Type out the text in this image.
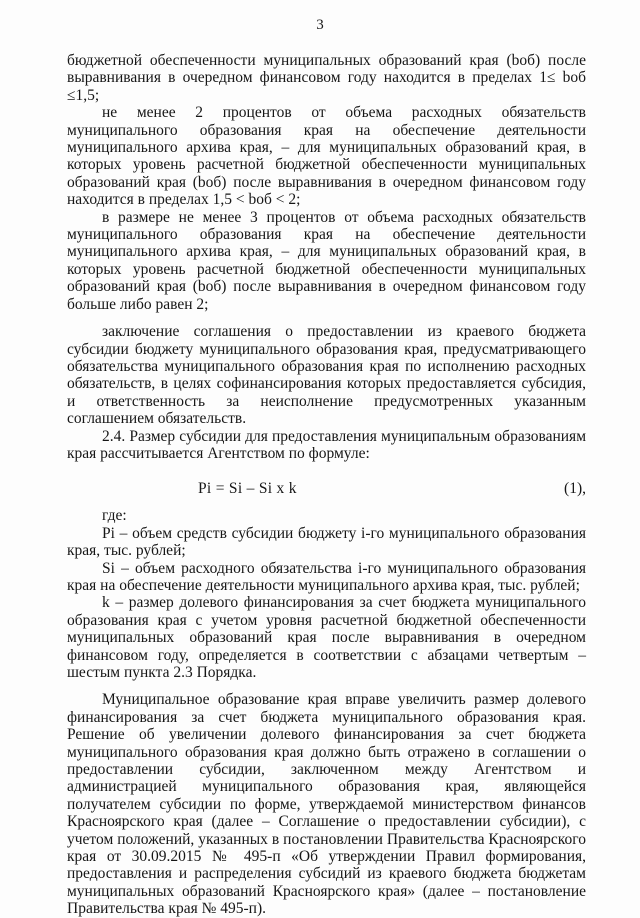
3

бюджетной обеспеченности муниципальных образований края (bоб) после выравнивания в очередном финансовом году находится в пределах 1≤ bоб ≤1,5;

не менее 2 процентов от объема расходных обязательств муниципального образования края на обеспечение деятельности муниципального архива края, – для муниципальных образований края, в которых уровень расчетной бюджетной обеспеченности муниципальных образований края (bоб) после выравнивания в очередном финансовом году находится в пределах 1,5 < bоб < 2;

в размере не менее 3 процентов от объема расходных обязательств муниципального образования края на обеспечение деятельности муниципального архива края, – для муниципальных образований края, в которых уровень расчетной бюджетной обеспеченности муниципальных образований края (bоб) после выравнивания в очередном финансовом году больше либо равен 2;

заключение соглашения о предоставлении из краевого бюджета субсидии бюджету муниципального образования края, предусматривающего обязательства муниципального образования края по исполнению расходных обязательств, в целях софинансирования которых предоставляется субсидия, и ответственность за неисполнение предусмотренных указанным соглашением обязательств.

2.4. Размер субсидии для предоставления муниципальным образованиям края рассчитывается Агентством по формуле:

Pi = Si – Si x k	(1),

где:

Pi – объем средств субсидии бюджету i-го муниципального образования края, тыс. рублей;

Si – объем расходного обязательства i-го муниципального образования края на обеспечение деятельности муниципального архива края, тыс. рублей;

k – размер долевого финансирования за счет бюджета муниципального образования края с учетом уровня расчетной бюджетной обеспеченности муниципальных образований края после выравнивания в очередном финансовом году, определяется в соответствии с абзацами четвертым – шестым пункта 2.3 Порядка.

Муниципальное образование края вправе увеличить размер долевого финансирования за счет бюджета муниципального образования края. Решение об увеличении долевого финансирования за счет бюджета муниципального образования края должно быть отражено в соглашении о предоставлении субсидии, заключенном между Агентством и администрацией муниципального образования края, являющейся получателем субсидии по форме, утверждаемой министерством финансов Красноярского края (далее – Соглашение о предоставлении субсидии), с учетом положений, указанных в постановлении Правительства Красноярского края от 30.09.2015 № 495-п «Об утверждении Правил формирования, предоставления и распределения субсидий из краевого бюджета бюджетам муниципальных образований Красноярского края» (далее – постановление Правительства края № 495-п).
